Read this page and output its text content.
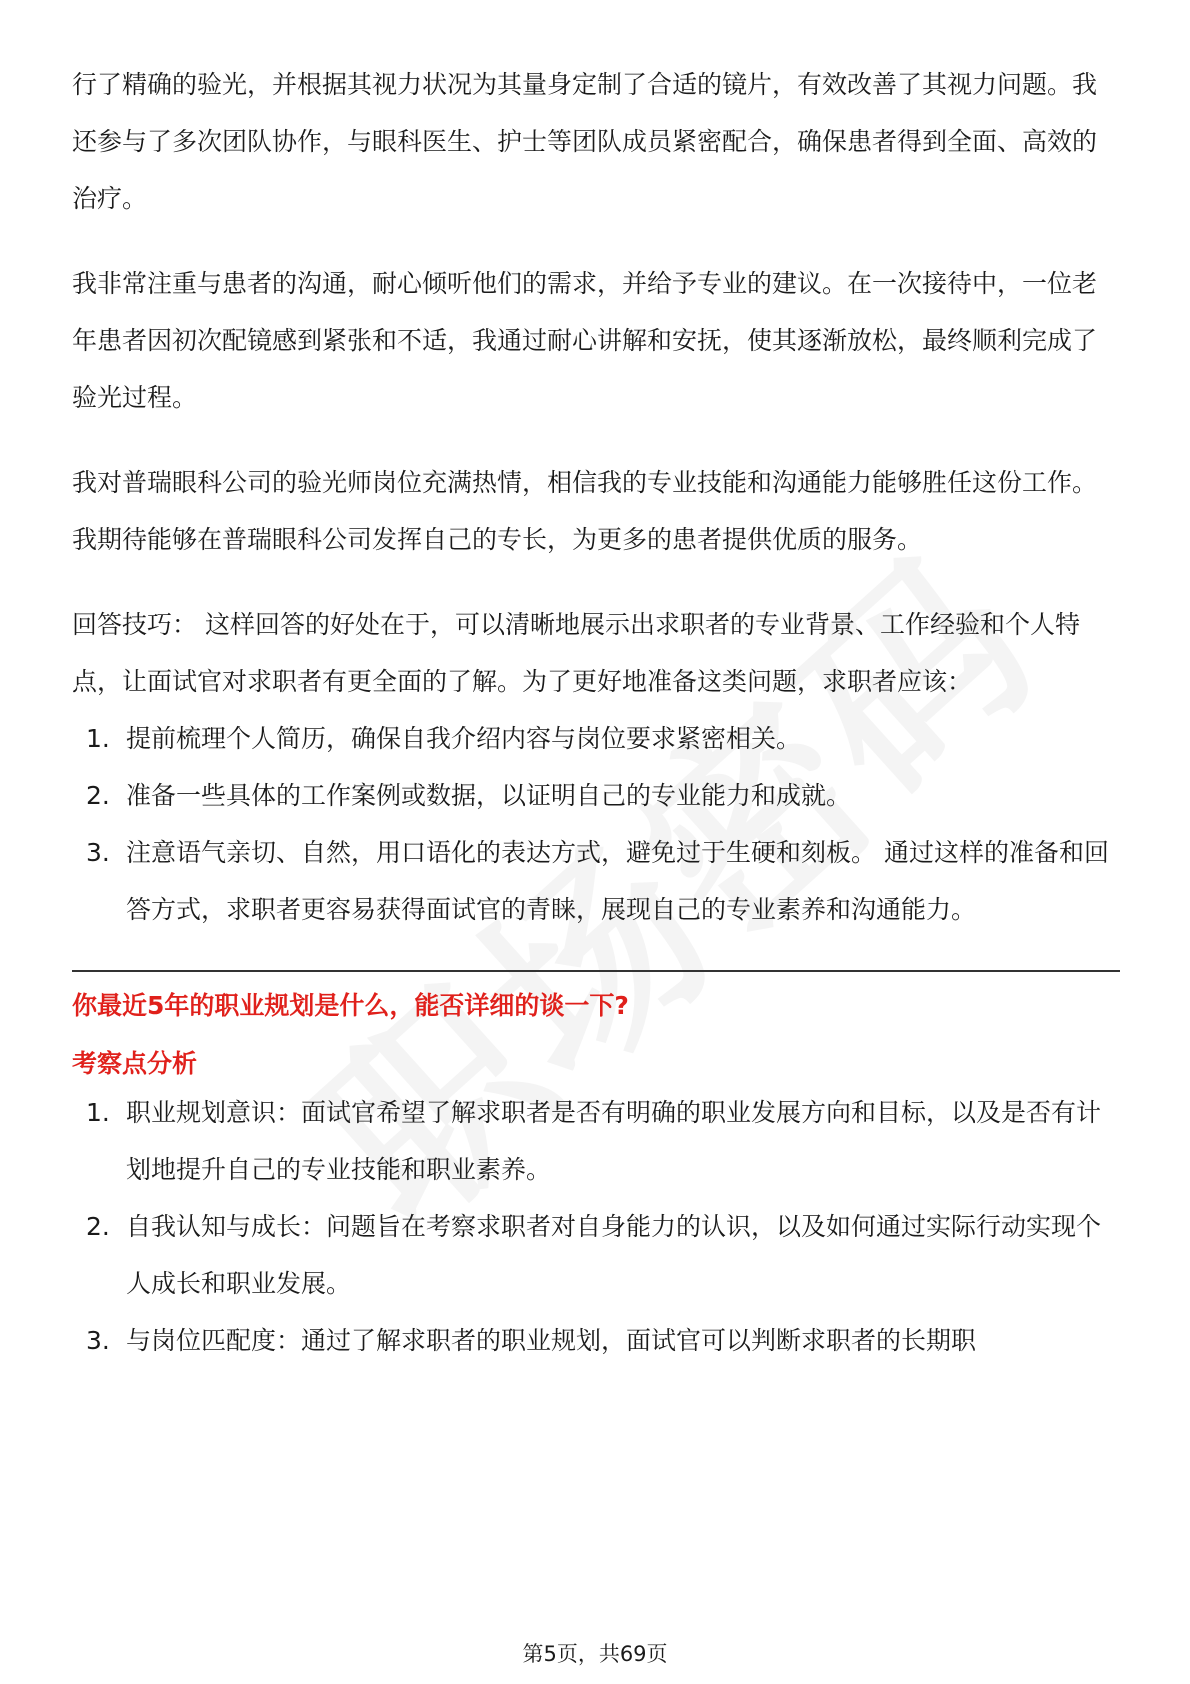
行了精确的验光，并根据其视力状况为其量身定制了合适的镜片，有效改善了其视力问题。我还参与了多次团队协作，与眼科医生、护士等团队成员紧密配合，确保患者得到全面、高效的治疗。

我非常注重与患者的沟通，耐心倾听他们的需求，并给予专业的建议。在一次接待中，一位老年患者因初次配镜感到紧张和不适，我通过耐心讲解和安抚，使其逐渐放松，最终顺利完成了验光过程。

我对普瑞眼科公司的验光师岗位充满热情，相信我的专业技能和沟通能力能够胜任这份工作。我期待能够在普瑞眼科公司发挥自己的专长，为更多的患者提供优质的服务。

回答技巧： 这样回答的好处在于，可以清晰地展示出求职者的专业背景、工作经验和个人特点，让面试官对求职者有更全面的了解。为了更好地准备这类问题，求职者应该：

1. 提前梳理个人简历，确保自我介绍内容与岗位要求紧密相关。
2. 准备一些具体的工作案例或数据，以证明自己的专业能力和成就。
3. 注意语气亲切、自然，用口语化的表达方式，避免过于生硬和刻板。 通过这样的准备和回答方式，求职者更容易获得面试官的青睐，展现自己的专业素养和沟通能力。
你最近5年的职业规划是什么，能否详细的谈一下?
考察点分析
1. 职业规划意识：面试官希望了解求职者是否有明确的职业发展方向和目标，以及是否有计划地提升自己的专业技能和职业素养。
2. 自我认知与成长：问题旨在考察求职者对自身能力的认识，以及如何通过实际行动实现个人成长和职业发展。
3. 与岗位匹配度：通过了解求职者的职业规划，面试官可以判断求职者的长期职
第5页，共69页
